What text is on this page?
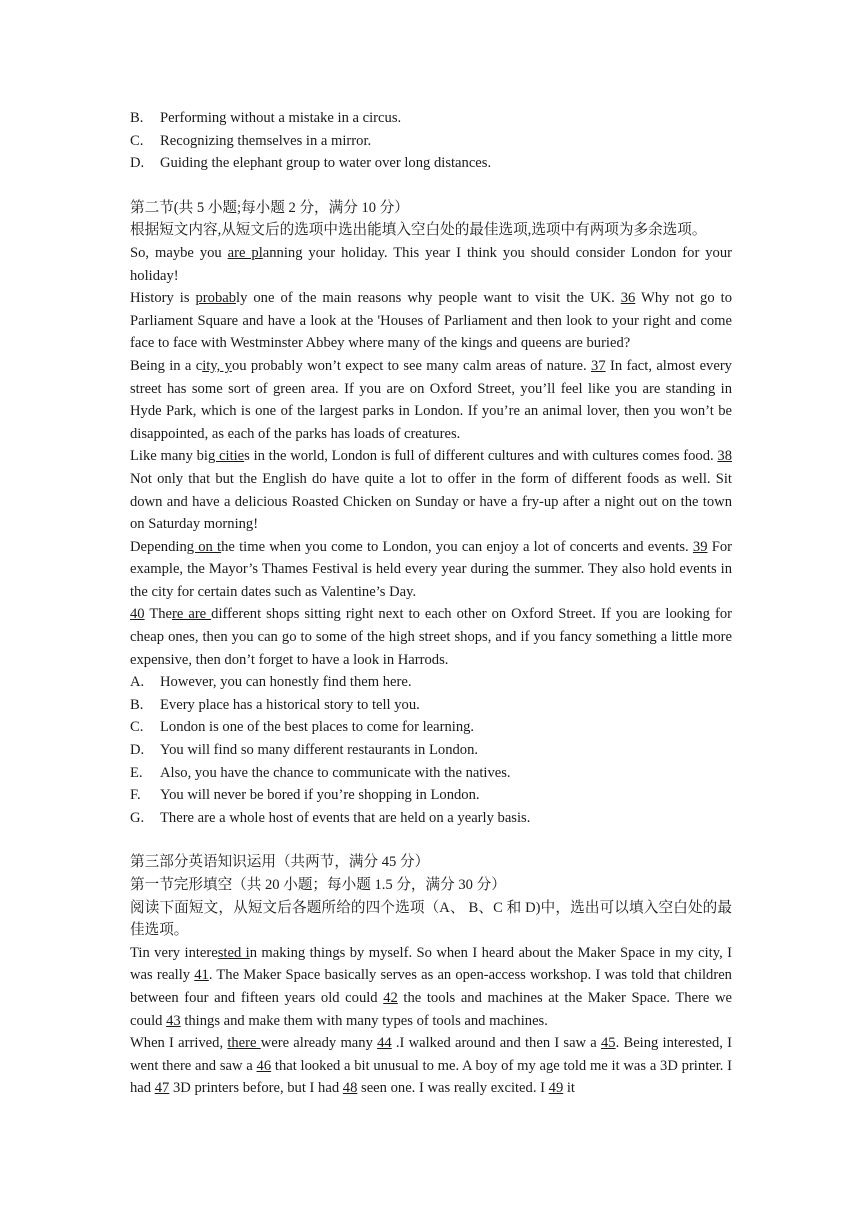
B.	Performing without a mistake in a circus.
C.	Recognizing themselves in a mirror.
D.	Guiding the elephant group to water over long distances.
第二节(共 5 小题;每小题 2 分，满分 10 分）
根据短文内容,从短文后的选项中选出能填入空白处的最佳选项,选项中有两项为多余选项。
So, maybe you are planning your holiday. This year I think you should consider London for your holiday!
History is probably one of the main reasons why people want to visit the UK. 36 Why not go to Parliament Square and have a look at the 'Houses of Parliament and then look to your right and come face to face with Westminster Abbey where many of the kings and queens are buried?
Being in a city, you probably won’t expect to see many calm areas of nature. 37 In fact, almost every street has some sort of green area. If you are on Oxford Street, you’ll feel like you are standing in Hyde Park, which is one of the largest parks in London. If you’re an animal lover, then you won’t be disappointed, as each of the parks has loads of creatures.
Like many big cities in the world, London is full of different cultures and with cultures comes food. 38 Not only that but the English do have quite a lot to offer in the form of different foods as well. Sit down and have a delicious Roasted Chicken on Sunday or have a fry-up after a night out on the town on Saturday morning!
Depending on the time when you come to London, you can enjoy a lot of concerts and events. 39 For example, the Mayor’s Thames Festival is held every year during the summer. They also hold events in the city for certain dates such as Valentine’s Day.
40 There are different shops sitting right next to each other on Oxford Street. If you are looking for cheap ones, then you can go to some of the high street shops, and if you fancy something a little more expensive, then don’t forget to have a look in Harrods.
A.	However, you can honestly find them here.
B.	Every place has a historical story to tell you.
C.	London is one of the best places to come for learning.
D.	You will find so many different restaurants in London.
E.	Also, you have the chance to communicate with the natives.
F.	You will never be bored if you’re shopping in London.
G.	There are a whole host of events that are held on a yearly basis.
第三部分英语知识运用（共两节，满分 45 分）
第一节完形填空（共 20 小题；每小题 1.5 分，满分 30 分）
阅读下面短文，从短文后各题所给的四个选项（A、 B、C 和 D)中，选出可以填入空白处的最佳选项。
Tin very interested in making things by myself. So when I heard about the Maker Space in my city, I was really 41. The Maker Space basically serves as an open-access workshop. I was told that children between four and fifteen years old could 42 the tools and machines at the Maker Space. There we could 43 things and make them with many types of tools and machines.
When I arrived, there were already many 44 .I walked around and then I saw a 45. Being interested, I went there and saw a 46 that looked a bit unusual to me. A boy of my age told me it was a 3D printer. I had 47 3D printers before, but I had 48 seen one. I was really excited. I 49 it
